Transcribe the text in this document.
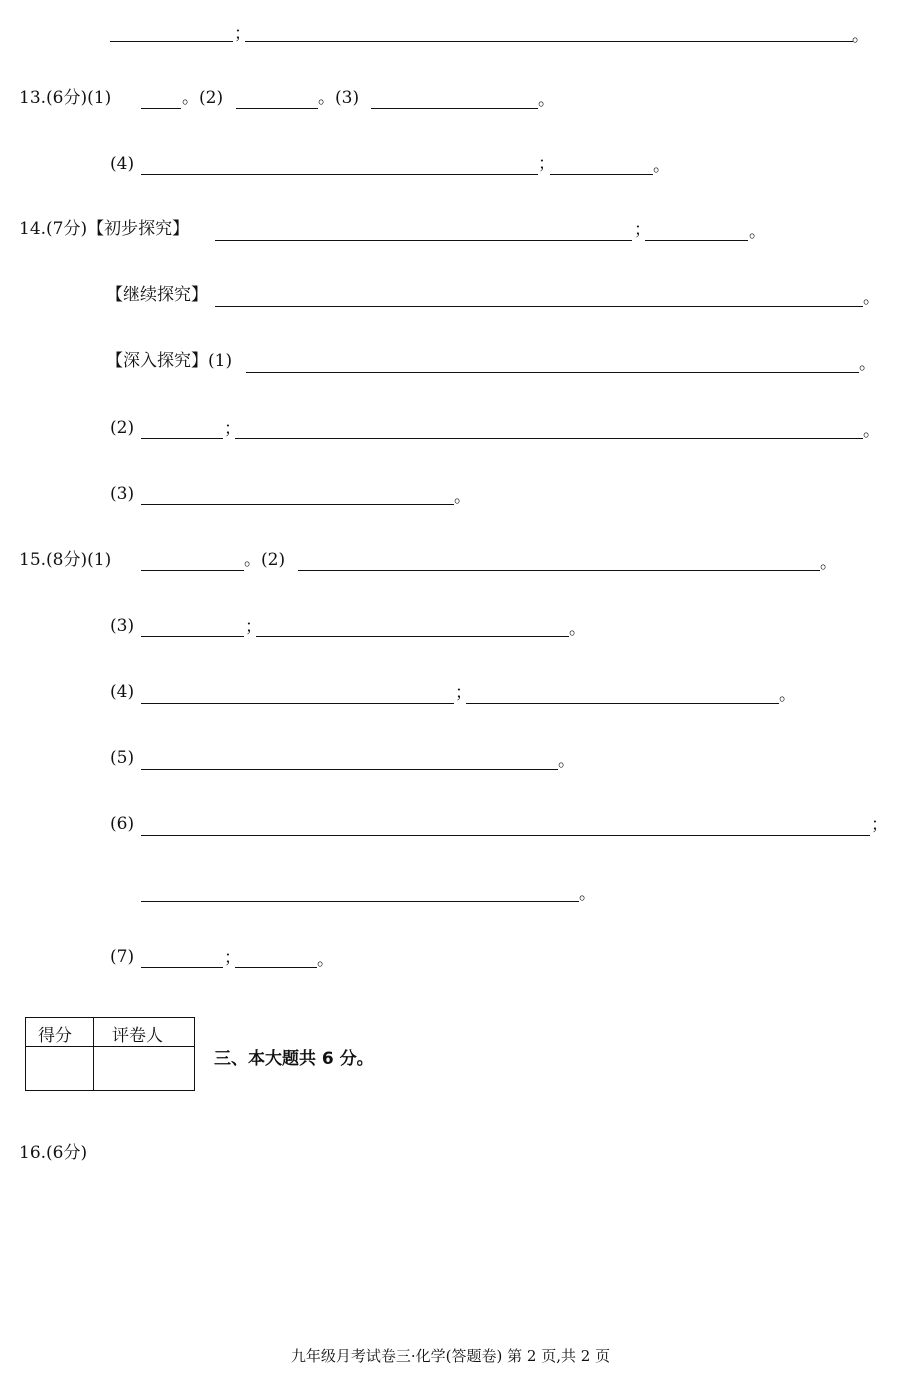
；	。
13.(6分)(1)	。(2)	。(3)	。
(4)	；	。
14.(7分)【初步探究】	；	。
【继续探究】	。
【深入探究】(1)	。
(2)	；	。
(3)	。
15.(8分)(1)	。(2)	。
(3)	；	。
(4)	；	。
(5)	。
(6)	；
。
(7)	；	。
得分 评卷人
三、本大题共 6 分。
16.(6分)
九年级月考试卷三·化学(答题卷) 第 2 页,共 2 页
